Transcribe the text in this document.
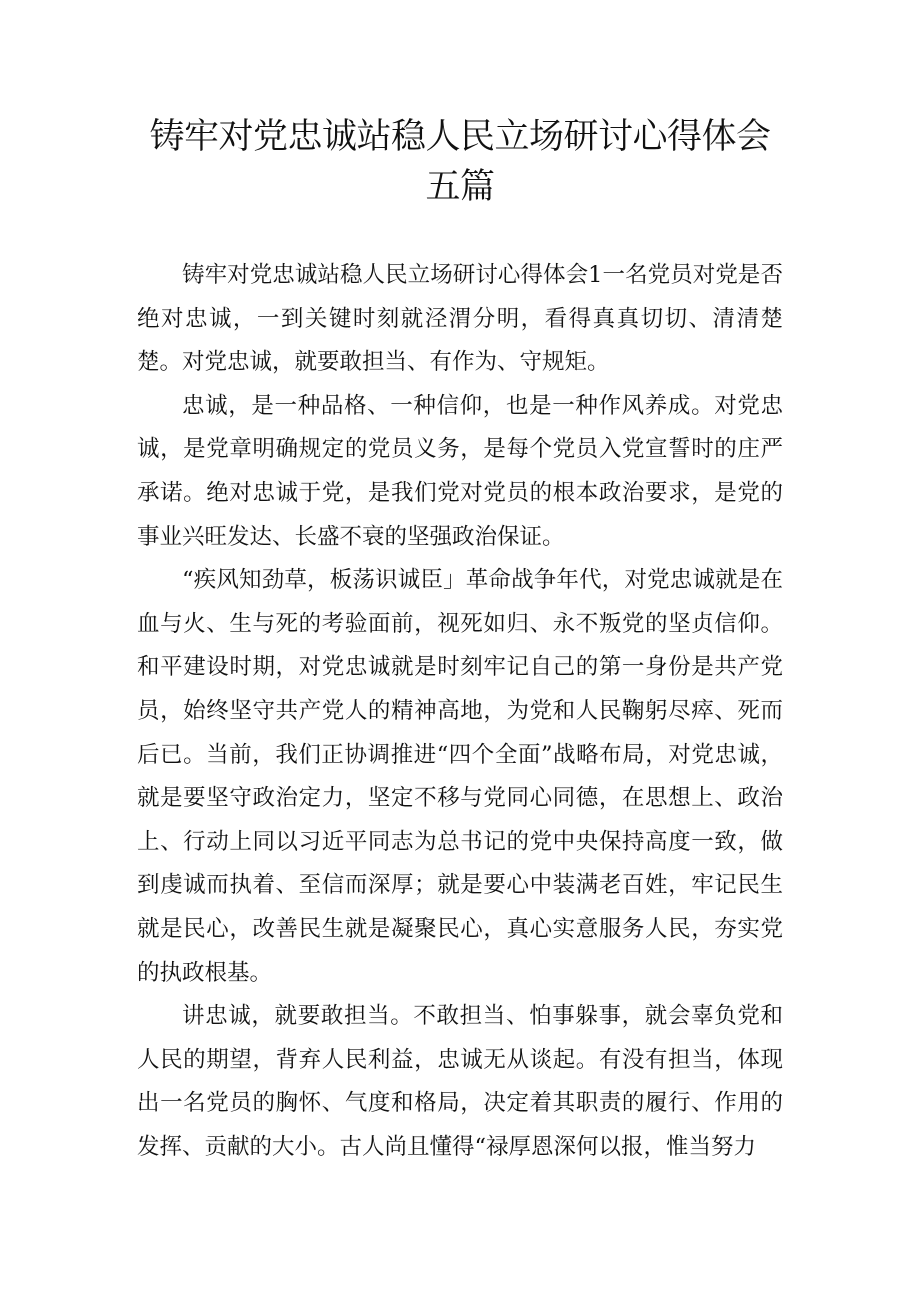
铸牢对党忠诚站稳人民立场研讨心得体会
五篇

铸牢对党忠诚站稳人民立场研讨心得体会1一名党员对党是否绝对忠诚，一到关键时刻就泾渭分明，看得真真切切、清清楚楚。对党忠诚，就要敢担当、有作为、守规矩。

忠诚，是一种品格、一种信仰，也是一种作风养成。对党忠诚，是党章明确规定的党员义务，是每个党员入党宣誓时的庄严承诺。绝对忠诚于党，是我们党对党员的根本政治要求，是党的事业兴旺发达、长盛不衰的坚强政治保证。

“疾风知劲草，板荡识诚臣」革命战争年代，对党忠诚就是在血与火、生与死的考验面前，视死如归、永不叛党的坚贞信仰。和平建设时期，对党忠诚就是时刻牢记自己的第一身份是共产党员，始终坚守共产党人的精神高地，为党和人民鞠躬尽瘁、死而后已。当前，我们正协调推进“四个全面”战略布局，对党忠诚，就是要坚守政治定力，坚定不移与党同心同德，在思想上、政治上、行动上同以习近平同志为总书记的党中央保持高度一致，做到虔诚而执着、至信而深厚；就是要心中装满老百姓，牢记民生就是民心，改善民生就是凝聚民心，真心实意服务人民，夯实党的执政根基。

讲忠诚，就要敢担当。不敢担当、怕事躲事，就会辜负党和人民的期望，背弃人民利益，忠诚无从谈起。有没有担当，体现出一名党员的胸怀、气度和格局，决定着其职责的履行、作用的发挥、贡献的大小。古人尚且懂得“禄厚恩深何以报，惟当努力
